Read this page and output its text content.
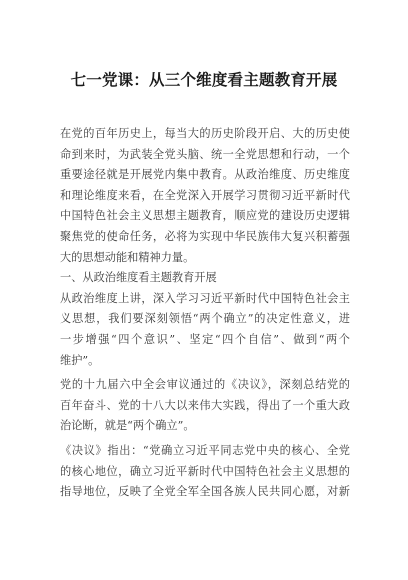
七一党课：从三个维度看主题教育开展
在党的百年历史上，每当大的历史阶段开启、大的历史使
命到来时，为武装全党头脑、统一全党思想和行动，一个
重要途径就是开展党内集中教育。从政治维度、历史维度
和理论维度来看，在全党深入开展学习贯彻习近平新时代
中国特色社会主义思想主题教育，顺应党的建设历史逻辑
聚焦党的使命任务，必将为实现中华民族伟大复兴积蓄强
大的思想动能和精神力量。
一、从政治维度看主题教育开展
从政治维度上讲，深入学习习近平新时代中国特色社会主
义思想，我们要深刻领悟“两个确立”的决定性意义，进
一步增强“四个意识”、坚定“四个自信”、做到“两个
维护”。
党的十九届六中全会审议通过的《决议》，深刻总结党的
百年奋斗、党的十八大以来伟大实践，得出了一个重大政
治论断，就是“两个确立”。
《决议》指出：“党确立习近平同志党中央的核心、全党
的核心地位，确立习近平新时代中国特色社会主义思想的
指导地位，反映了全党全军全国各族人民共同心愿，对新
